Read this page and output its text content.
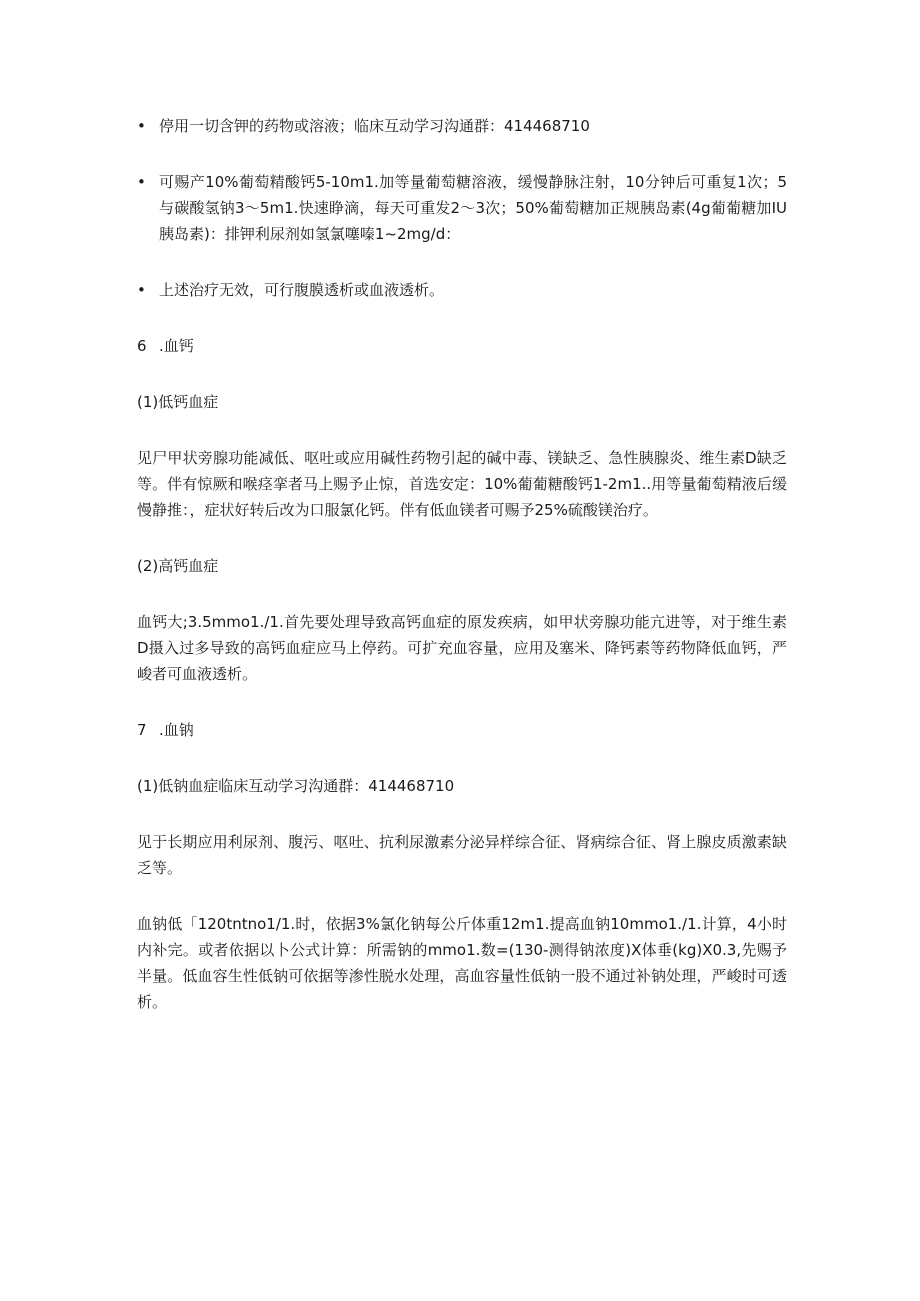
• 停用一切含钾的药物或溶液；临床互动学习沟通群：414468710

• 可赐产10%葡萄精酸钙5-10m1.加等量葡萄糖溶液，缓慢静脉注射，10分钟后可重复1次；5与碳酸氢钠3〜5m1.快速睁滴，每天可重发2〜3次；50%葡萄糖加正规胰岛素(4g葡葡糖加IU胰岛素)：排钾利尿剂如氢氯噻嗪1~2mg/d：

• 上述治疗无效，可行腹膜透析或血液透析。

6 .血钙

(1)低钙血症

见尸甲状旁腺功能减低、呕吐或应用碱性药物引起的碱中毒、镁缺乏、急性胰腺炎、维生素D缺乏等。伴有惊厥和喉痉挛者马上赐予止惊，首选安定：10%葡葡糖酸钙1-2m1..用等量葡萄精液后缓慢静推：，症状好转后改为口服氯化钙。伴有低血镁者可赐予25%硫酸镁治疗。

(2)高钙血症

血钙大;3.5mmo1./1.首先要处理导致高钙血症的原发疾病，如甲状旁腺功能亢进等，对于维生素D摄入过多导致的高钙血症应马上停药。可扩充血容量，应用及塞米、降钙素等药物降低血钙，严峻者可血液透析。

7 .血钠

(1)低钠血症临床互动学习沟通群：414468710

见于长期应用利尿剂、腹污、呕吐、抗利尿激素分泌异样综合征、肾病综合征、肾上腺皮质激素缺乏等。

血钠低「120tntno1/1.时，依据3%氯化钠每公斤体重12m1.提高血钠10mmo1./1.计算，4小时内补完。或者依据以卜公式计算：所需钠的mmo1.数=(130-测得钠浓度)X体垂(kg)X0.3,先赐予半量。低血容生性低钠可依据等渗性脱水处理，高血容量性低钠一股不通过补钠处理，严峻时可透析。
